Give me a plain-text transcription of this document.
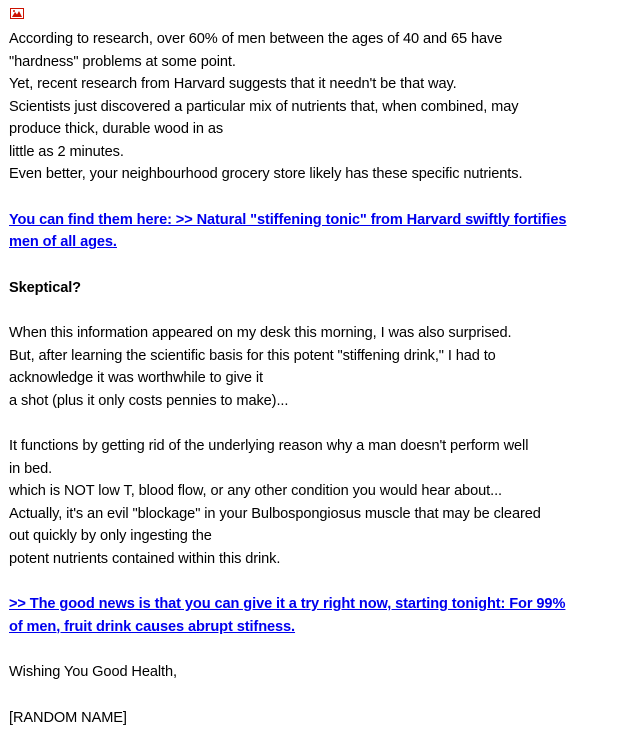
According to research, over 60% of men between the ages of 40 and 65 have
"hardness" problems at some point.
Yet, recent research from Harvard suggests that it needn't be that way.
Scientists just discovered a particular mix of nutrients that, when combined, may
produce thick, durable wood in as
little as 2 minutes.
Even better, your neighbourhood grocery store likely has these specific nutrients.
You can find them here: >> Natural "stiffening tonic" from Harvard swiftly fortifies
men of all ages.
Skeptical?
When this information appeared on my desk this morning, I was also surprised.
But, after learning the scientific basis for this potent "stiffening drink," I had to
acknowledge it was worthwhile to give it
a shot (plus it only costs pennies to make)...
It functions by getting rid of the underlying reason why a man doesn't perform well
in bed.
which is NOT low T, blood flow, or any other condition you would hear about...
Actually, it's an evil "blockage" in your Bulbospongiosus muscle that may be cleared
out quickly by only ingesting the
potent nutrients contained within this drink.
>> The good news is that you can give it a try right now, starting tonight: For 99%
of men, fruit drink causes abrupt stifness.
Wishing You Good Health,
[RANDOM NAME]
